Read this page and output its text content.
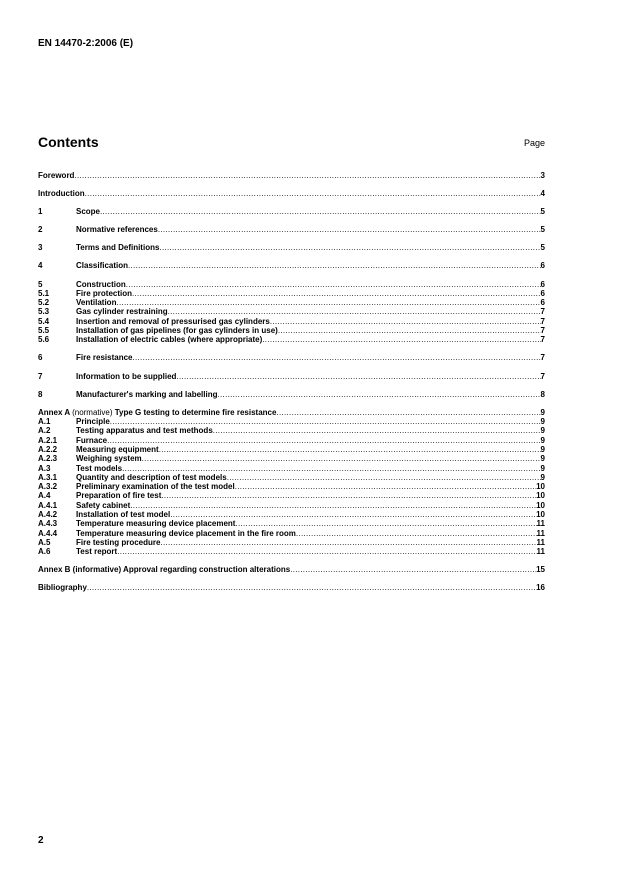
EN 14470-2:2006 (E)
Contents	Page
Foreword .....	3
Introduction .....	4
1	Scope .....	5
2	Normative references .....	5
3	Terms and Definitions .....	5
4	Classification .....	6
5	Construction .....	6
5.1	Fire protection .....	6
5.2	Ventilation .....	6
5.3	Gas cylinder restraining .....	7
5.4	Insertion and removal of pressurised gas cylinders .....	7
5.5	Installation of gas pipelines (for gas cylinders in use) .....	7
5.6	Installation of electric cables (where appropriate) .....	7
6	Fire resistance .....	7
7	Information to be supplied .....	7
8	Manufacturer's marking and labelling .....	8
Annex A (normative) Type G testing to determine fire resistance .....	9
A.1	Principle .....	9
A.2	Testing apparatus and test methods .....	9
A.2.1	Furnace .....	9
A.2.2	Measuring equipment .....	9
A.2.3	Weighing system .....	9
A.3	Test models .....	9
A.3.1	Quantity and description of test models .....	9
A.3.2	Preliminary examination of the test model .....	10
A.4	Preparation of fire test .....	10
A.4.1	Safety cabinet .....	10
A.4.2	Installation of test model .....	10
A.4.3	Temperature measuring device placement .....	11
A.4.4	Temperature measuring device placement in the fire room .....	11
A.5	Fire testing procedure .....	11
A.6	Test report .....	11
Annex B (informative) Approval regarding construction alterations .....	15
Bibliography .....	16
2
